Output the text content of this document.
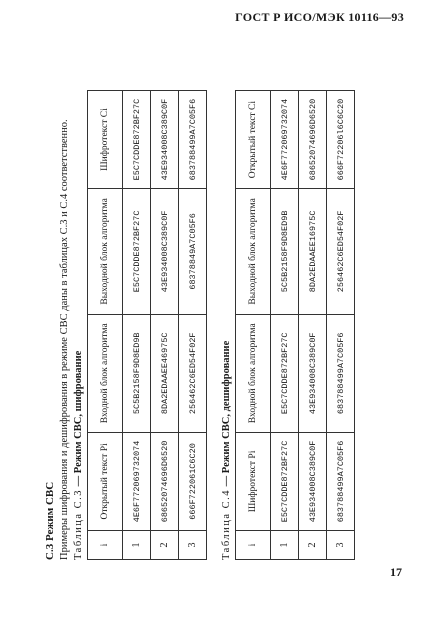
ГОСТ Р ИСО/МЭК 10116—93
С.3 Режим СВС Примеры шифрования и дешифрования в режиме СВС даны в таблицах С.3 и С.4 соответственно. Таблица С.3 — Режим СВС, шифрование
i	Открытый текст Pi	Входной блок алгоритма	Выходной блок алгоритма	Шифротекст Ci
1	4E6F772069732074	5C5B2158F9D8ED9B	E5C7CDDE872BF27C	E5C7CDDE872BF27C
2	68652074696D6520	8DA2EDAAEE46975C	43E934008C389C0F	43E934008C389C0F
3	666F722061C6C20	256462C6ED54F02F	68378849A7C05F6	683788499A7C05F6
Таблица С.4 — Режим СВС, дешифрование
i	Шифротекст Pi	Входной блок алгоритма	Выходной блок алгоритма	Открытый текст Ci
1	E5C7CDDE872BF27C	E5C7CDDE872BF27C	5C5B2158F9D8ED9B	4E6F772069732074
2	43E934008C389C0F	43E934008C389C0F	8DA2EDAAEE16975C	68652074696D6520
3	683788499A7C05F6	683788499A7C05F6	256462C6ED54F02F	666F72206l6C6C20
17
